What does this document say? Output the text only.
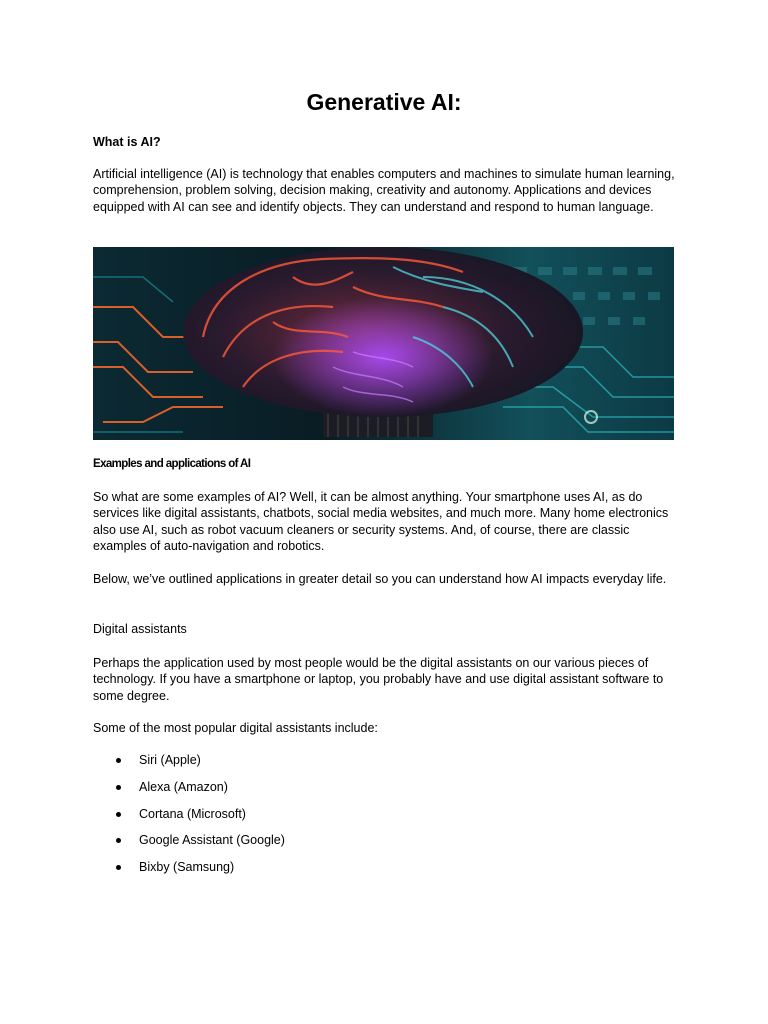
Generative AI:

What is AI?

Artificial intelligence (AI) is technology that enables computers and machines to simulate human learning, comprehension, problem solving, decision making, creativity and autonomy. Applications and devices equipped with AI can see and identify objects. They can understand and respond to human language.

Examples and applications of AI

So what are some examples of AI? Well, it can be almost anything. Your smartphone uses AI, as do services like digital assistants, chatbots, social media websites, and much more. Many home electronics also use AI, such as robot vacuum cleaners or security systems. And, of course, there are classic examples of auto-navigation and robotics.

Below, we’ve outlined applications in greater detail so you can understand how AI impacts everyday life.

Digital assistants

Perhaps the application used by most people would be the digital assistants on our various pieces of technology. If you have a smartphone or laptop, you probably have and use digital assistant software to some degree.

Some of the most popular digital assistants include:

Siri (Apple)
Alexa (Amazon)
Cortana (Microsoft)
Google Assistant (Google)
Bixby (Samsung)
